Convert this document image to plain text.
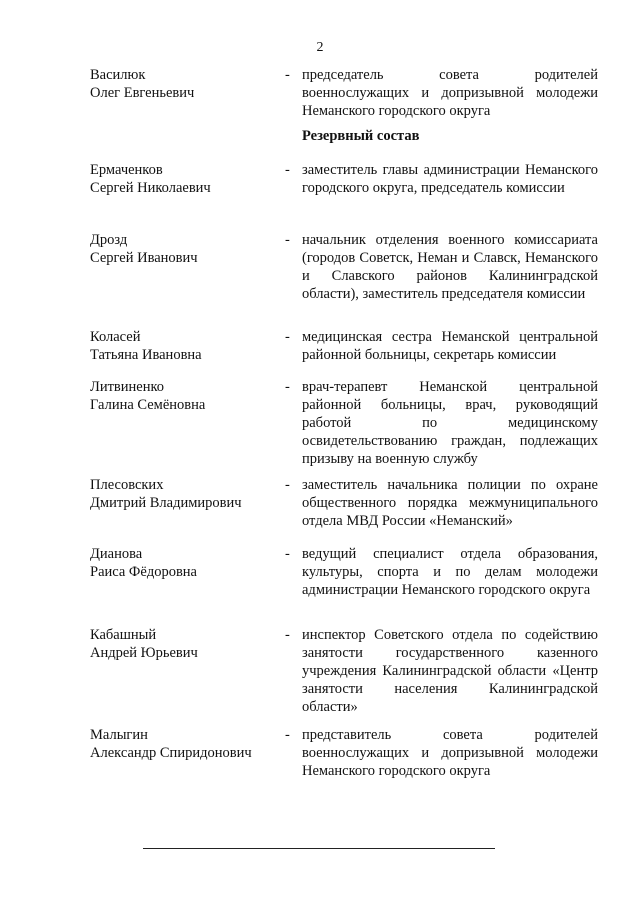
2
Василюк
Олег Евгеньевич
- председатель совета родителей военнослужащих и допризывной молодежи Неманского городского округа
Резервный состав
Ермаченков
Сергей Николаевич
- заместитель главы администрации Неманского городского округа, председатель комиссии
Дрозд
Сергей Иванович
- начальник отделения военного комиссариата (городов Советск, Неман и Славск, Неманского и Славского районов Калининградской области), заместитель председателя комиссии
Коласей
Татьяна Ивановна
- медицинская сестра Неманской центральной районной больницы, секретарь комиссии
Литвиненко
Галина Семёновна
- врач-терапевт Неманской центральной районной больницы, врач, руководящий работой по медицинскому освидетельствованию граждан, подлежащих призыву на военную службу
Плесовских
Дмитрий Владимирович
- заместитель начальника полиции по охране общественного порядка межмуниципального отдела МВД России «Неманский»
Дианова
Раиса Фёдоровна
- ведущий специалист отдела образования, культуры, спорта и по делам молодежи администрации Неманского городского округа
Кабашный
Андрей Юрьевич
- инспектор Советского отдела по содействию занятости государственного казенного учреждения Калининградской области «Центр занятости населения Калининградской области»
Малыгин
Александр Спиридонович
- представитель совета родителей военнослужащих и допризывной молодежи Неманского городского округа
